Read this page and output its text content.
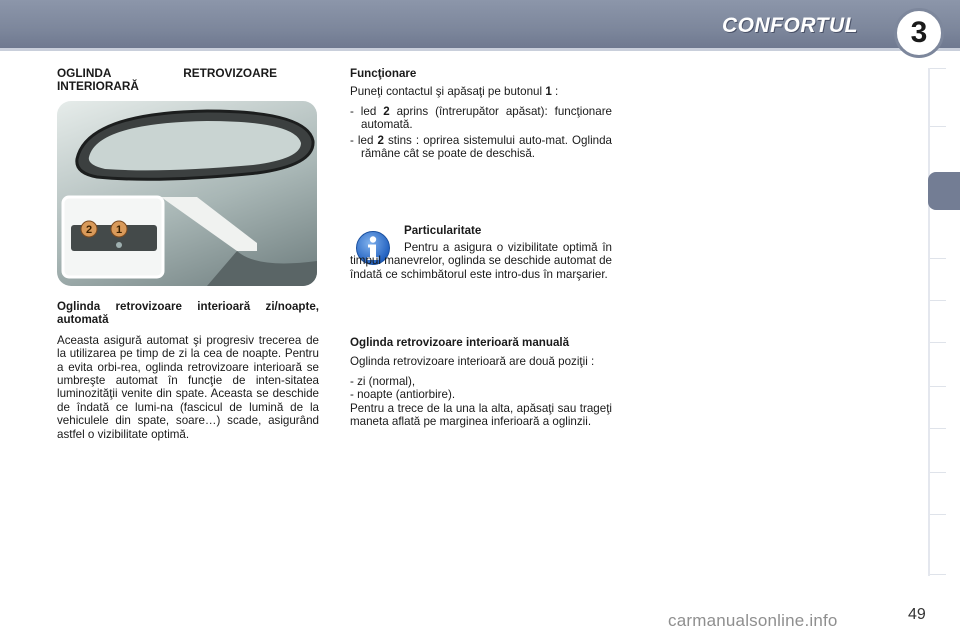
CONFORTUL	3
OGLINDA RETROVIZOARE INTERIORARĂ
2 1

Oglinda retrovizoare interioară zi/noapte, automată

Aceasta asigură automat şi progresiv trecerea de la utilizarea pe timp de zi la cea de noapte. Pentru a evita orbi-rea, oglinda retrovizoare interioară se umbreşte automat în funcţie de inten-sitatea luminozităţii venite din spate. Aceasta se deschide de îndată ce lumi-na (fascicul de lumină de la vehiculele din spate, soare…) scade, asigurând astfel o vizibilitate optimă.

Funcţionare

Puneţi contactul şi apăsaţi pe butonul 1 :

- led 2 aprins (întrerupător apăsat): funcţionare automată.

- led 2 stins : oprirea sistemului auto-mat. Oglinda rămâne cât se poate de deschisă.

Particularitate

Pentru a asigura o vizibilitate optimă în timpul manevrelor, oglinda se deschide automat de îndată ce schimbătorul este intro-dus în marşarier.

Oglinda retrovizoare interioară manuală

Oglinda retrovizoare interioară are două poziţii :

- zi (normal),

- noapte (antiorbire).

Pentru a trece de la una la alta, apăsaţi sau trageţi maneta aflată pe marginea inferioară a oglinzii.

49
carmanualsonline.info
